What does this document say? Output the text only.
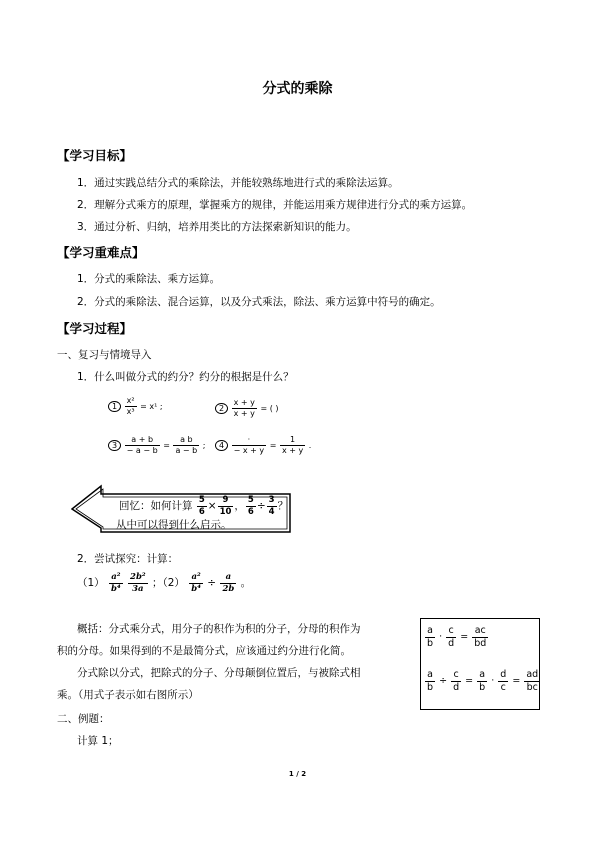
分式的乘除
【学习目标】
1．通过实践总结分式的乘除法，并能较熟练地进行式的乘除法运算。
2．理解分式乘方的原理，掌握乘方的规律，并能运用乘方规律进行分式的乘方运算。
3．通过分析、归纳，培养用类比的方法探索新知识的能力。
【学习重难点】
1．分式的乘除法、乘方运算。
2．分式的乘除法、混合运算，以及分式乘法，除法、乘方运算中符号的确定。
【学习过程】
一、复习与情境导入
1．什么叫做分式的约分？约分的根据是什么？
$1 \frac{\text{x²}}{\text{x³}} = x^1$ ;	$2 \frac{x + y}{x + y}$ = ( )
$3 \frac{a + b}{- a - b} = \frac{\text{a b}}{a - b}$ ;	4
·
− x + y
= $\frac{1}{x + y}$ .
回忆：如何计算 $\frac{5}{6} \times \frac{9}{10}$ ， $\frac{5}{6} \div \frac{3}{4}$ ？
从中可以得到什么启示。
2．尝试探究：计算：
$(1) \frac{\text{a²}}{\text{b⁴}}$
$\frac{\text{2b²}}{3a}$ ；$(2) \frac{\text{a²}}{\text{b⁴}} \div \frac{a}{2b}$ 。
概括：分式乘分式，用分子的积作为积的分子，分母的积作为
积的分母。如果得到的不是最简分式，应该通过约分进行化简。
分式除以分式，把除式的分子、分母颠倒位置后，与被除式相
乘。（用式子表示如右图所示）
$\frac{a}{b} \cdot \frac{c}{d} = \frac{ac}{bd}$
$\frac{a}{b} \div \frac{c}{d} = \frac{a}{b} \cdot \frac{d}{c} = \frac{ad}{bc}$
二、例题：
计算 1；
1 / 2
